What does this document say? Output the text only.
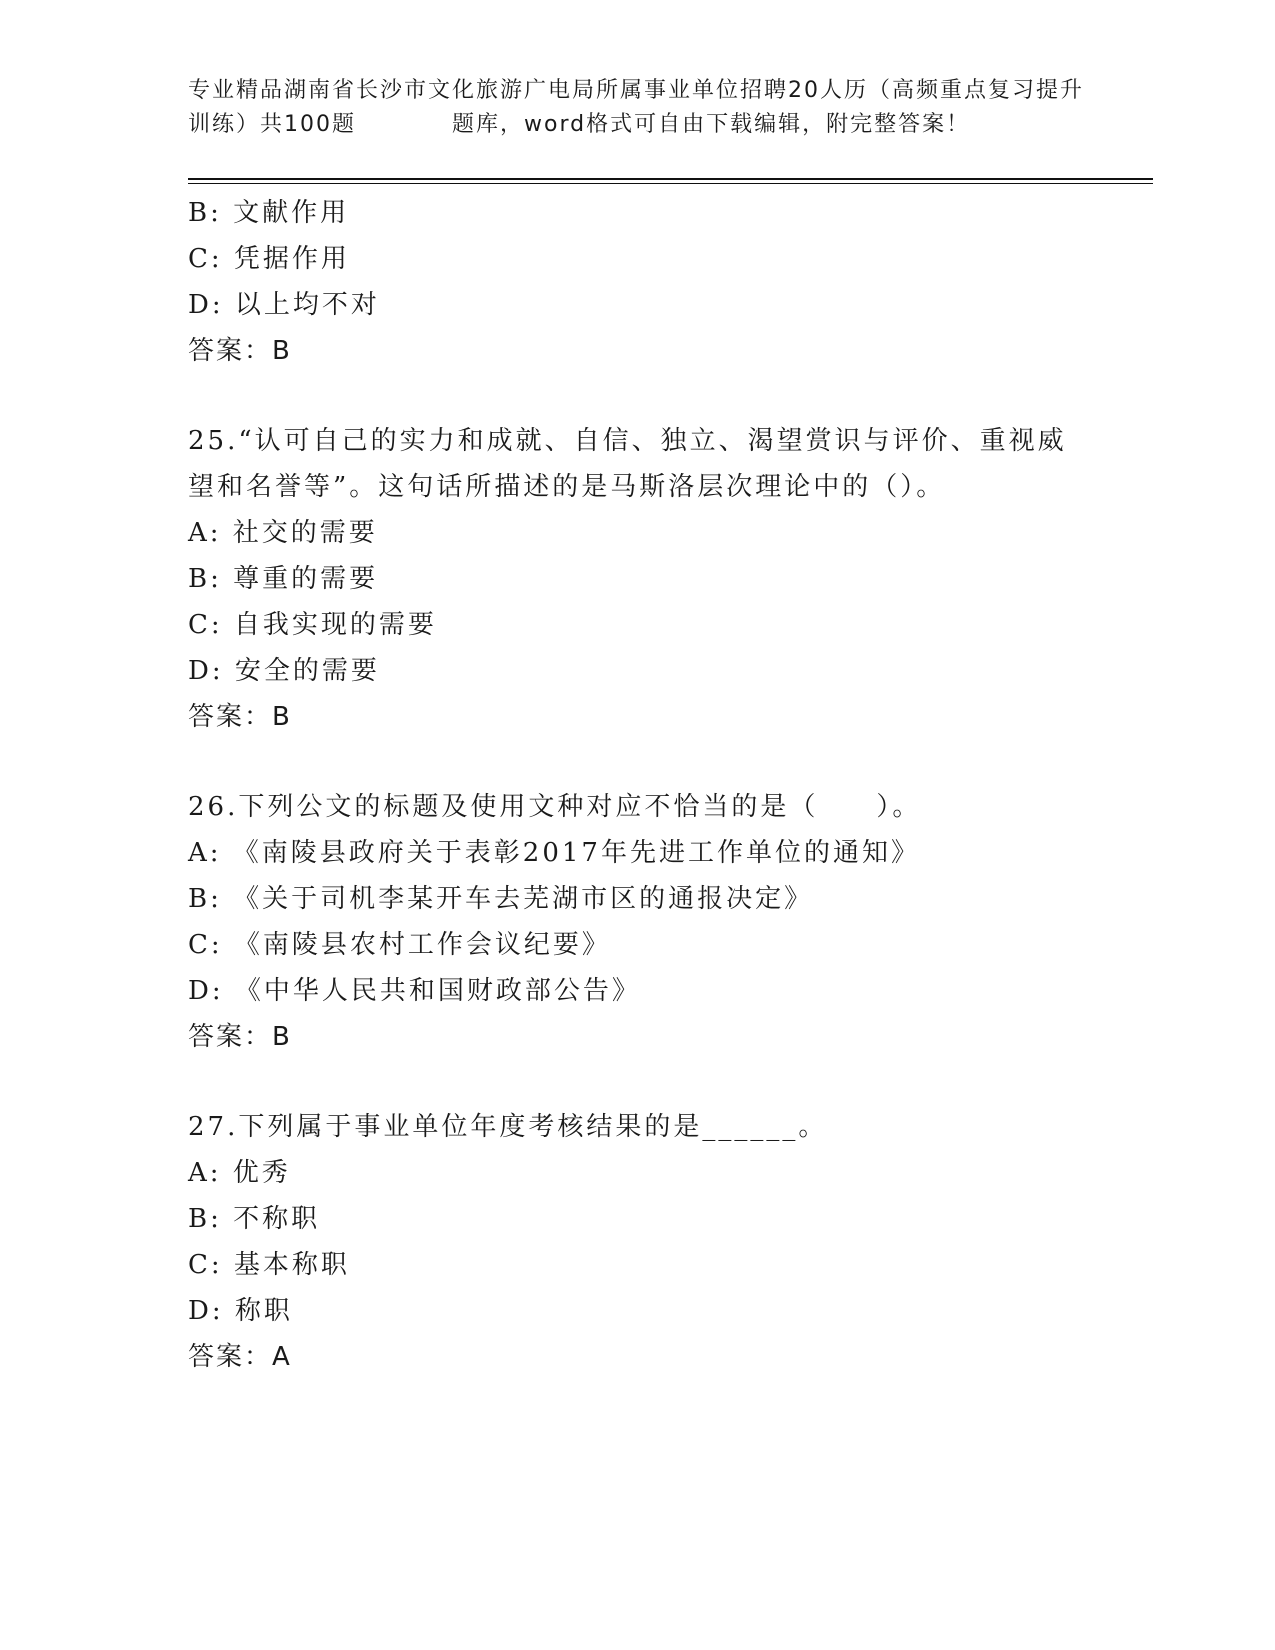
专业精品湖南省长沙市文化旅游广电局所属事业单位招聘20人历（高频重点复习提升训练）共100题	题库，word格式可自由下载编辑，附完整答案！
B: 文献作用
C: 凭据作用
D: 以上均不对
答案：B
25.“认可自己的实力和成就、自信、独立、渴望赏识与评价、重视威望和名誉等”。这句话所描述的是马斯洛层次理论中的（）。
A: 社交的需要
B: 尊重的需要
C: 自我实现的需要
D: 安全的需要
答案：B
26.下列公文的标题及使用文种对应不恰当的是（　　）。
A: 《南陵县政府关于表彰2017年先进工作单位的通知》
B: 《关于司机李某开车去芜湖市区的通报决定》
C: 《南陵县农村工作会议纪要》
D: 《中华人民共和国财政部公告》
答案：B
27.下列属于事业单位年度考核结果的是______。
A: 优秀
B: 不称职
C: 基本称职
D: 称职
答案：A
